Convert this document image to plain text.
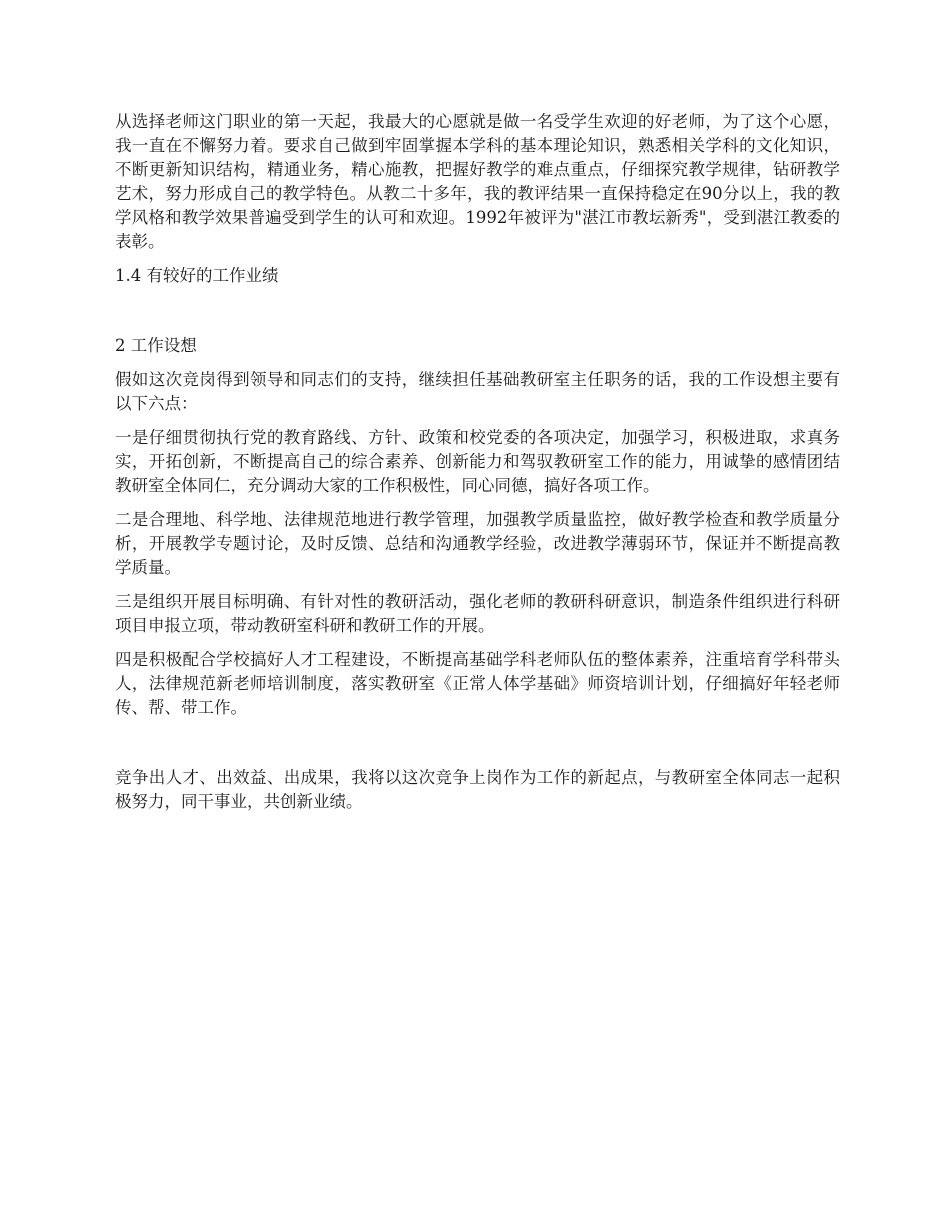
从选择老师这门职业的第一天起，我最大的心愿就是做一名受学生欢迎的好老师，为了这个心愿，我一直在不懈努力着。要求自己做到牢固掌握本学科的基本理论知识，熟悉相关学科的文化知识，不断更新知识结构，精通业务，精心施教，把握好教学的难点重点，仔细探究教学规律，钻研教学艺术，努力形成自己的教学特色。从教二十多年，我的教评结果一直保持稳定在90分以上，我的教学风格和教学效果普遍受到学生的认可和欢迎。1992年被评为"湛江市教坛新秀"，受到湛江教委的表彰。

1.4 有较好的工作业绩

2 工作设想

假如这次竞岗得到领导和同志们的支持，继续担任基础教研室主任职务的话，我的工作设想主要有以下六点：

一是仔细贯彻执行党的教育路线、方针、政策和校党委的各项决定，加强学习，积极进取，求真务实，开拓创新，不断提高自己的综合素养、创新能力和驾驭教研室工作的能力，用诚挚的感情团结教研室全体同仁，充分调动大家的工作积极性，同心同德，搞好各项工作。

二是合理地、科学地、法律规范地进行教学管理，加强教学质量监控，做好教学检查和教学质量分析，开展教学专题讨论，及时反馈、总结和沟通教学经验，改进教学薄弱环节，保证并不断提高教学质量。

三是组织开展目标明确、有针对性的教研活动，强化老师的教研科研意识，制造条件组织进行科研项目申报立项，带动教研室科研和教研工作的开展。

四是积极配合学校搞好人才工程建设，不断提高基础学科老师队伍的整体素养，注重培育学科带头人，法律规范新老师培训制度，落实教研室《正常人体学基础》师资培训计划，仔细搞好年轻老师传、帮、带工作。

竞争出人才、出效益、出成果，我将以这次竞争上岗作为工作的新起点，与教研室全体同志一起积极努力，同干事业，共创新业绩。
